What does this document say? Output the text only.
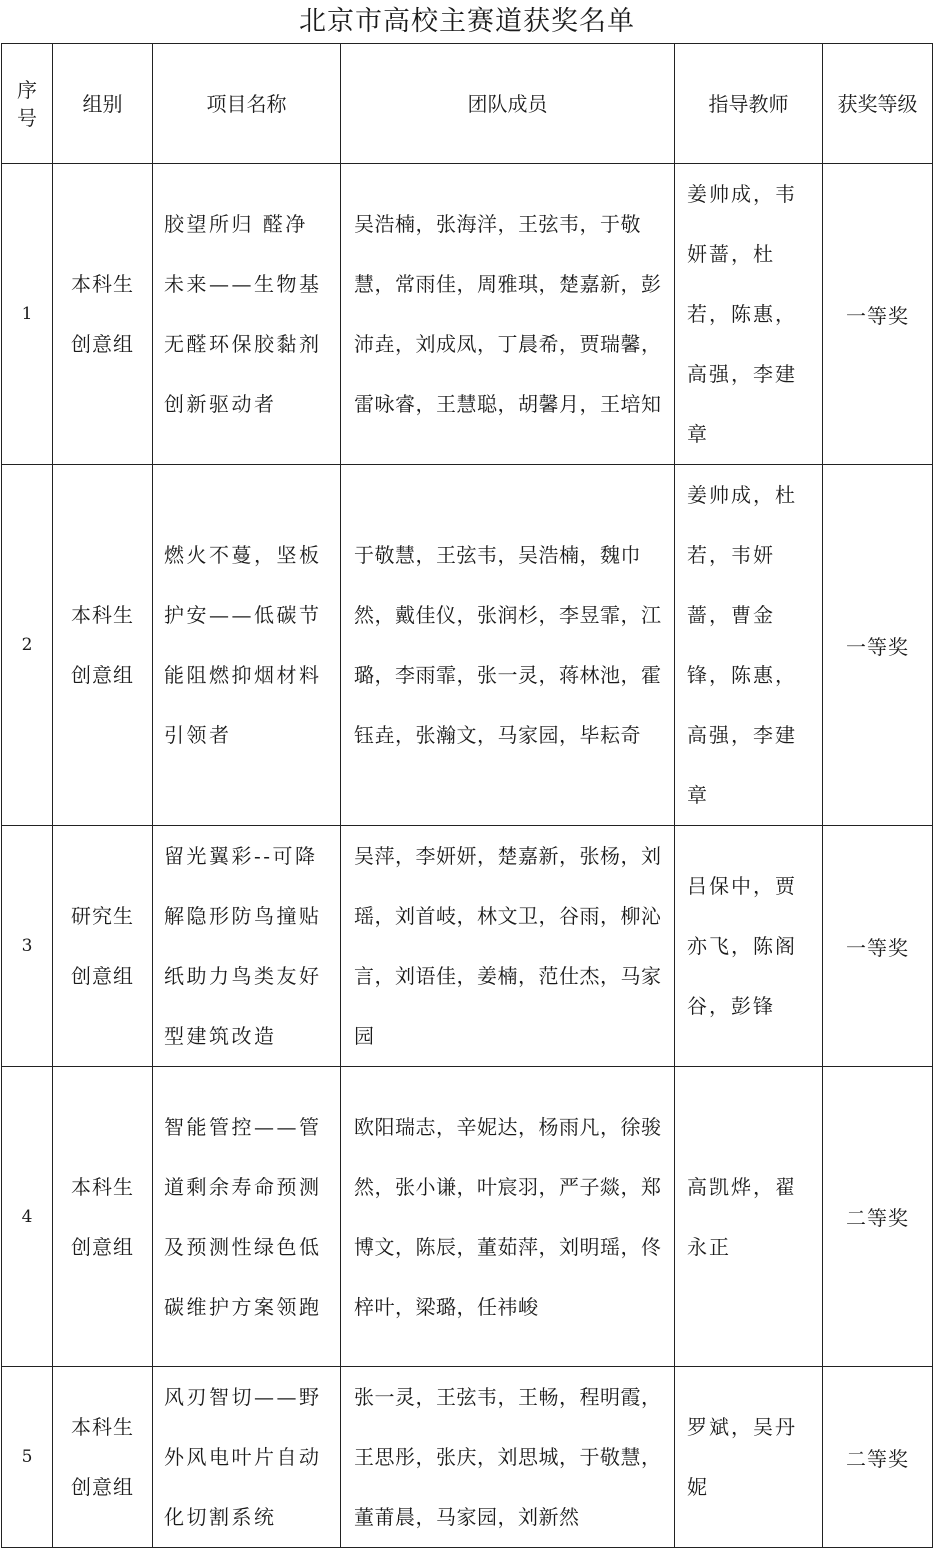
北京市高校主赛道获奖名单
序号	组别	项目名称	团队成员	指导教师	获奖等级
1	本科生创意组	胶望所归 醛净未来——生物基无醛环保胶黏剂创新驱动者	吴浩楠，张海洋，王弦韦，于敬慧，常雨佳，周雅琪，楚嘉新，彭沛垚，刘成凤，丁晨希，贾瑞馨，雷咏睿，王慧聪，胡馨月，王培知	姜帅成，韦妍蔷，杜若，陈惠，高强，李建章	一等奖
2	本科生创意组	燃火不蔓，坚板护安——低碳节能阻燃抑烟材料引领者	于敬慧，王弦韦，吴浩楠，魏巾然，戴佳仪，张润杉，李昱霏，江璐，李雨霏，张一灵，蒋林池，霍钰垚，张瀚文，马家园，毕耘奇	姜帅成，杜若，韦妍蔷，曹金锋，陈惠，高强，李建章	一等奖
3	研究生创意组	留光翼彩--可降解隐形防鸟撞贴纸助力鸟类友好型建筑改造	吴萍，李妍妍，楚嘉新，张杨，刘瑶，刘首岐，林文卫，谷雨，柳沁言，刘语佳，姜楠，范仕杰，马家园	吕保中，贾亦飞，陈阁谷，彭锋	一等奖
4	本科生创意组	智能管控——管道剩余寿命预测及预测性绿色低碳维护方案领跑	欧阳瑞志，辛妮达，杨雨凡，徐骏然，张小谦，叶宸羽，严子燚，郑博文，陈辰，董茹萍，刘明瑶，佟梓叶，梁璐，任祎峻	高凯烨，翟永正	二等奖
5	本科生创意组	风刃智切——野外风电叶片自动化切割系统	张一灵，王弦韦，王畅，程明霞，王思彤，张庆，刘思城，于敬慧，董莆晨，马家园，刘新然	罗斌，吴丹妮	二等奖
